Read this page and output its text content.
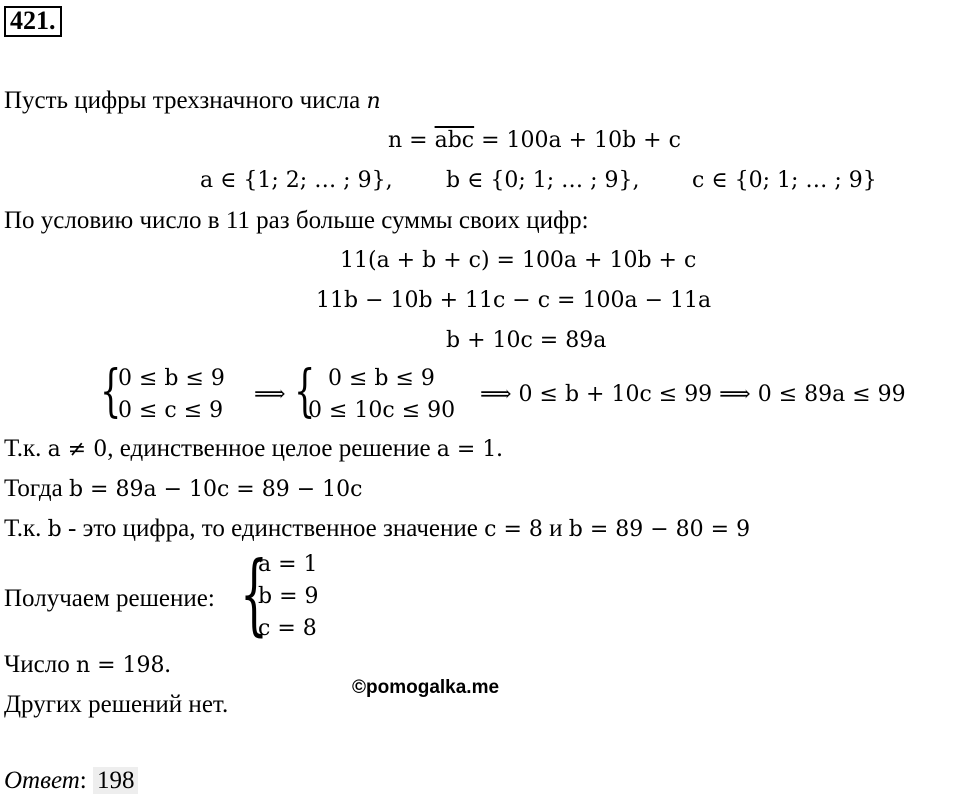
421.
Пусть цифры трехзначного числа n
$n = \overline{abc} = 100a + 10b + c$
a ∈ {1; 2; … ; 9}, b ∈ {0; 1; … ; 9}, c ∈ {0; 1; … ; 9}
По условию число в 11 раз больше суммы своих цифр:
11(a + b + c) = 100a + 10b + c
11b − 10b + 11c − c = 100a − 11a
b + 10c = 89a
{
0 ≤ b ≤ 9
0 ≤ c ≤ 9
⟹ { 0 ≤ b ≤ 9
0 ≤ 10c ≤ 90
⟹ 0 ≤ b + 10c ≤ 99 ⟹ 0 ≤ 89a ≤ 99
Т.к. a ≠ 0, единственное целое решение a = 1.
Тогда b = 89a − 10c = 89 − 10c
Т.к. b - это цифра, то единственное значение c = 8 и b = 89 − 80 = 9
Получаем решение: {
a = 1
b = 9
c = 8
Число n = 198.
©pomogalka.me
Других решений нет.
Ответ: 198
